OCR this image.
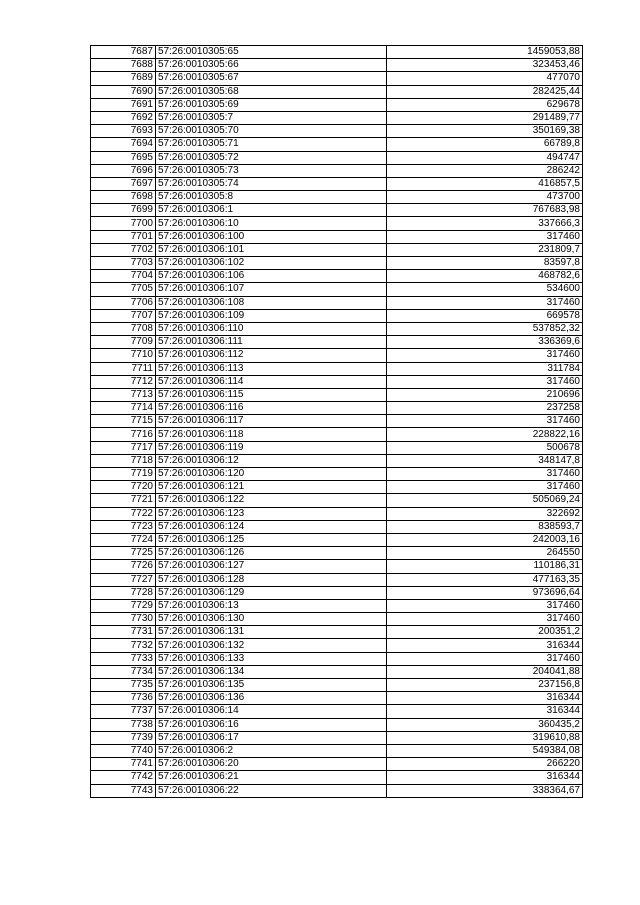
7687	57:26:0010305:65	1459053,88
7688	57:26:0010305:66	323453,46
7689	57:26:0010305:67	477070
7690	57:26:0010305:68	282425,44
7691	57:26:0010305:69	629678
7692	57:26:0010305:7	291489,77
7693	57:26:0010305:70	350169,38
7694	57:26:0010305:71	66789,8
7695	57:26:0010305:72	494747
7696	57:26:0010305:73	286242
7697	57:26:0010305:74	416857,5
7698	57:26:0010305:8	473700
7699	57:26:0010306:1	767683,98
7700	57:26:0010306:10	337666,3
7701	57:26:0010306:100	317460
7702	57:26:0010306:101	231809,7
7703	57:26:0010306:102	83597,8
7704	57:26:0010306:106	468782,6
7705	57:26:0010306:107	534600
7706	57:26:0010306:108	317460
7707	57:26:0010306:109	669578
7708	57:26:0010306:110	537852,32
7709	57:26:0010306:111	336369,6
7710	57:26:0010306:112	317460
7711	57:26:0010306:113	311784
7712	57:26:0010306:114	317460
7713	57:26:0010306:115	210696
7714	57:26:0010306:116	237258
7715	57:26:0010306:117	317460
7716	57:26:0010306:118	228822,16
7717	57:26:0010306:119	500678
7718	57:26:0010306:12	348147,8
7719	57:26:0010306:120	317460
7720	57:26:0010306:121	317460
7721	57:26:0010306:122	505069,24
7722	57:26:0010306:123	322692
7723	57:26:0010306:124	838593,7
7724	57:26:0010306:125	242003,16
7725	57:26:0010306:126	264550
7726	57:26:0010306:127	110186,31
7727	57:26:0010306:128	477163,35
7728	57:26:0010306:129	973696,64
7729	57:26:0010306:13	317460
7730	57:26:0010306:130	317460
7731	57:26:0010306:131	200351,2
7732	57:26:0010306:132	316344
7733	57:26:0010306:133	317460
7734	57:26:0010306:134	204041,88
7735	57:26:0010306:135	237156,8
7736	57:26:0010306:136	316344
7737	57:26:0010306:14	316344
7738	57:26:0010306:16	360435,2
7739	57:26:0010306:17	319610,88
7740	57:26:0010306:2	549384,08
7741	57:26:0010306:20	266220
7742	57:26:0010306:21	316344
7743	57:26:0010306:22	338364,67
